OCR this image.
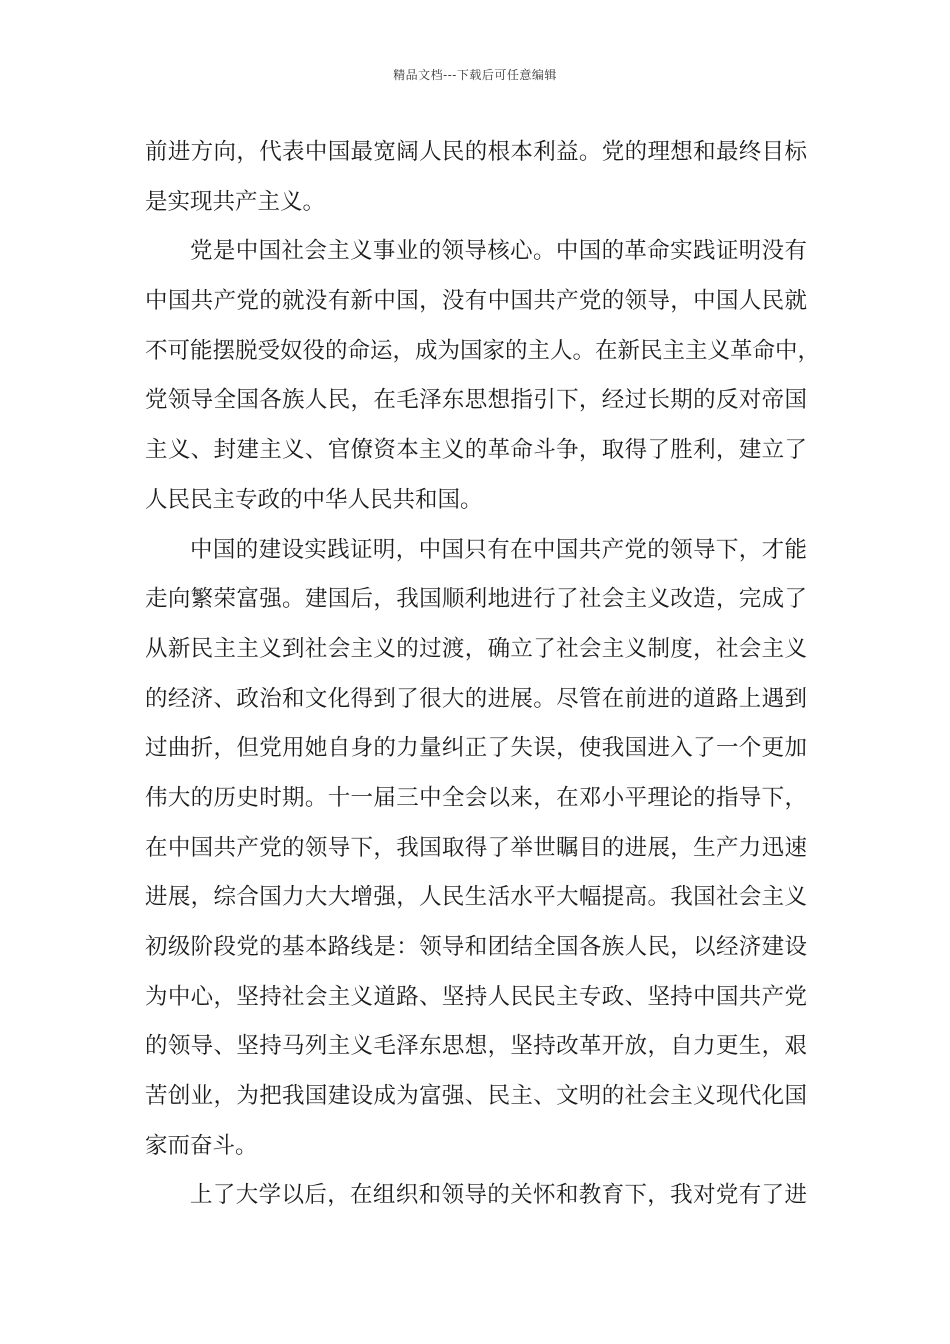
精品文档---下载后可任意编辑
前进方向，代表中国最宽阔人民的根本利益。党的理想和最终目标
是实现共产主义。
党是中国社会主义事业的领导核心。中国的革命实践证明没有
中国共产党的就没有新中国，没有中国共产党的领导，中国人民就
不可能摆脱受奴役的命运，成为国家的主人。在新民主主义革命中，
党领导全国各族人民，在毛泽东思想指引下，经过长期的反对帝国
主义、封建主义、官僚资本主义的革命斗争，取得了胜利，建立了
人民民主专政的中华人民共和国。
中国的建设实践证明，中国只有在中国共产党的领导下，才能
走向繁荣富强。建国后，我国顺利地进行了社会主义改造，完成了
从新民主主义到社会主义的过渡，确立了社会主义制度，社会主义
的经济、政治和文化得到了很大的进展。尽管在前进的道路上遇到
过曲折，但党用她自身的力量纠正了失误，使我国进入了一个更加
伟大的历史时期。十一届三中全会以来，在邓小平理论的指导下，
在中国共产党的领导下，我国取得了举世瞩目的进展，生产力迅速
进展，综合国力大大增强，人民生活水平大幅提高。我国社会主义
初级阶段党的基本路线是：领导和团结全国各族人民，以经济建设
为中心，坚持社会主义道路、坚持人民民主专政、坚持中国共产党
的领导、坚持马列主义毛泽东思想，坚持改革开放，自力更生，艰
苦创业，为把我国建设成为富强、民主、文明的社会主义现代化国
家而奋斗。
上了大学以后，在组织和领导的关怀和教育下，我对党有了进
